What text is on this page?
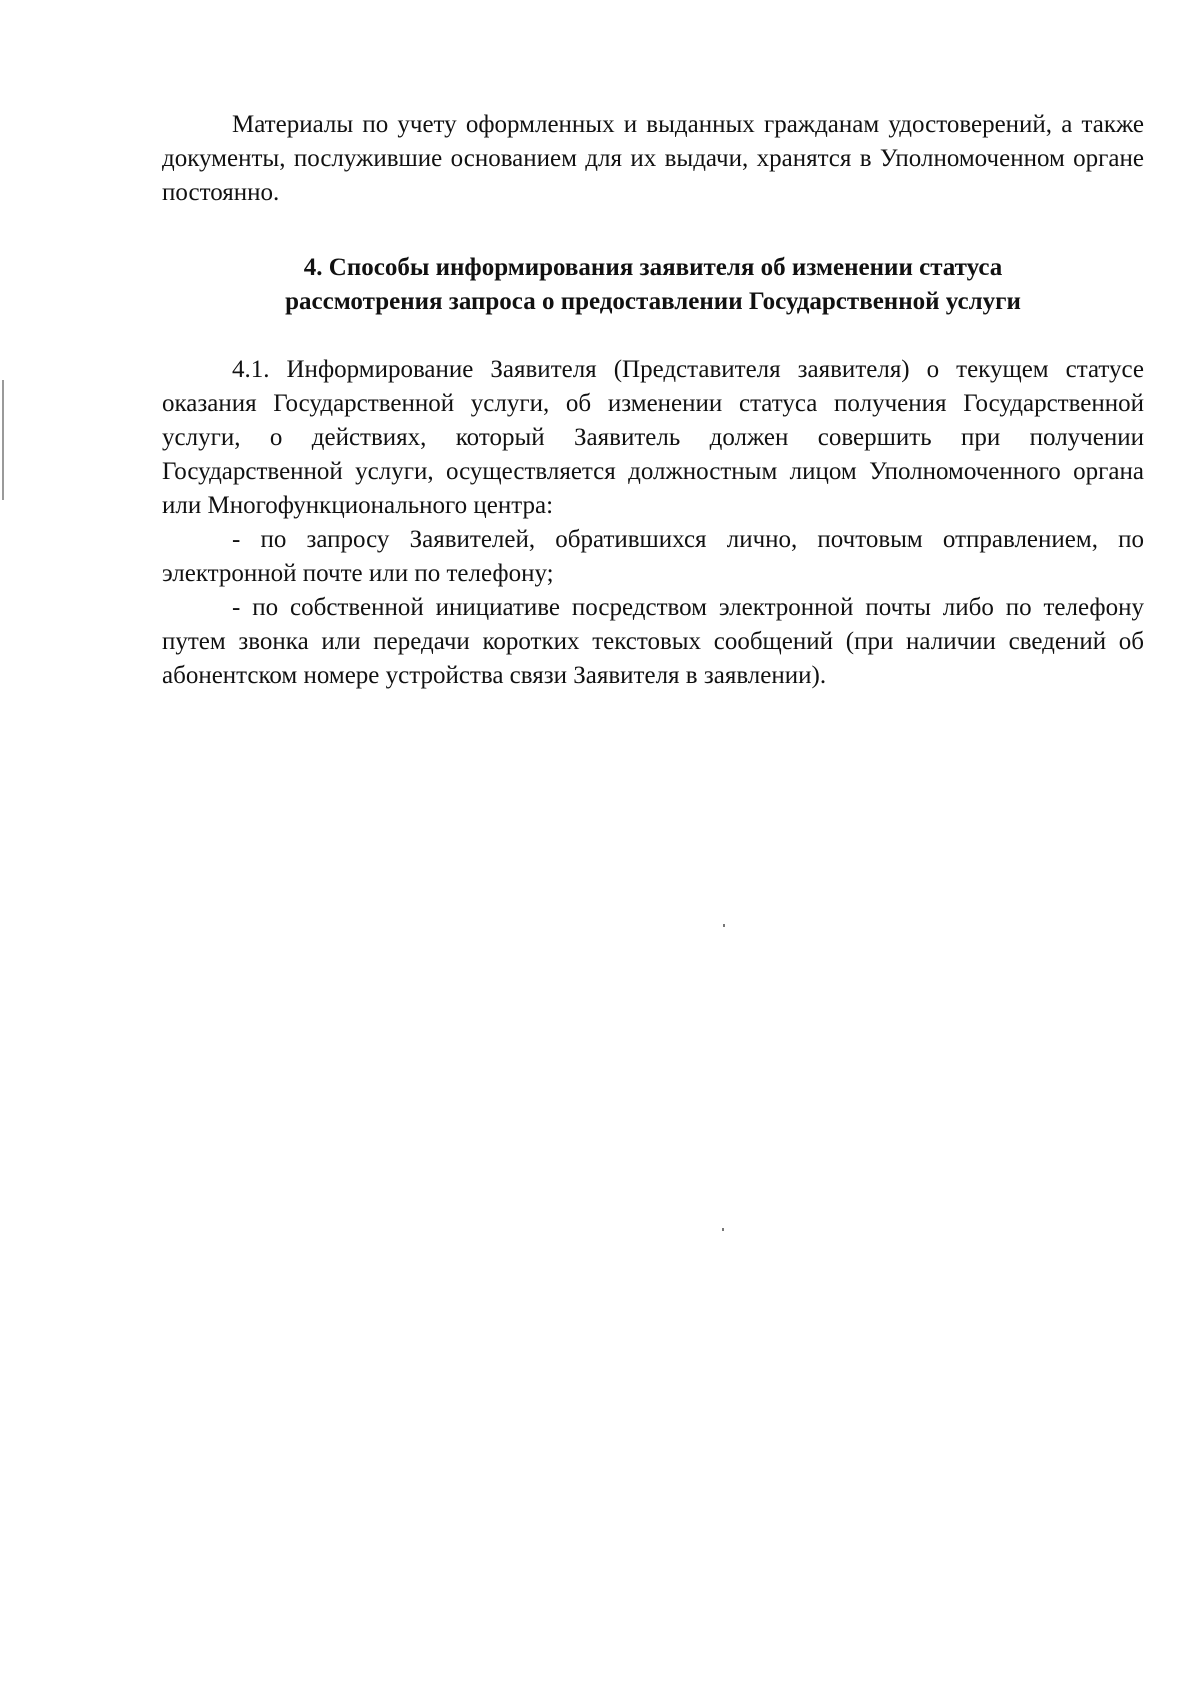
Материалы по учету оформленных и выданных гражданам удостоверений, а также документы, послужившие основанием для их выдачи, хранятся в Уполномоченном органе постоянно.

4. Способы информирования заявителя об изменении статуса
рассмотрения запроса о предоставлении Государственной услуги

4.1. Информирование Заявителя (Представителя заявителя) о текущем статусе оказания Государственной услуги, об изменении статуса получения Государственной услуги, о действиях, который Заявитель должен совершить при получении Государственной услуги, осуществляется должностным лицом Уполномоченного органа или Многофункционального центра:

- по запросу Заявителей, обратившихся лично, почтовым отправлением, по электронной почте или по телефону;

- по собственной инициативе посредством электронной почты либо по телефону путем звонка или передачи коротких текстовых сообщений (при наличии сведений об абонентском номере устройства связи Заявителя в заявлении).
